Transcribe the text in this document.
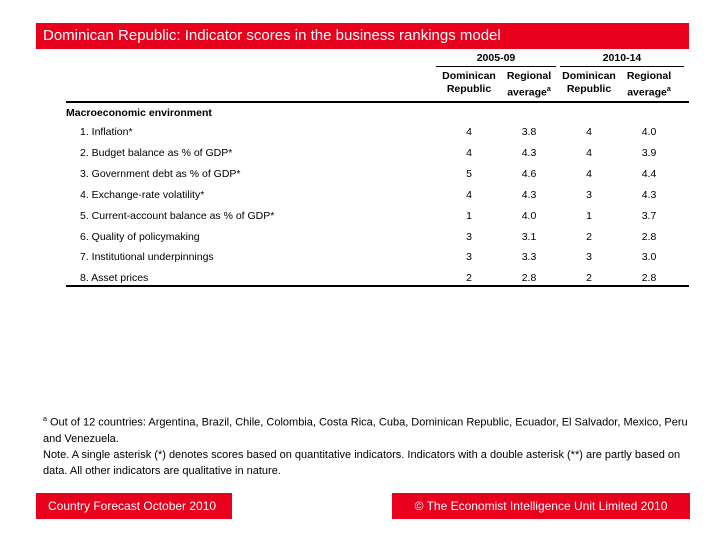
Dominican Republic: Indicator scores in the business rankings model
2005-09	2010-14
Dominican
Republic
Regional
average$^a$
Dominican
Republic
Regional
average$^a$
Macroeconomic environment
1. Inflation*	4	3.8	4	4.0
2. Budget balance as % of GDP*	4	4.3	4	3.9
3. Government debt as % of GDP*	5	4.6	4	4.4
4. Exchange-rate volatility*	4	4.3	3	4.3
5. Current-account balance as % of GDP*	1	4.0	1	3.7
6. Quality of policymaking	3	3.1	2	2.8
7. Institutional underpinnings	3	3.3	3	3.0
8. Asset prices	2	2.8	2	2.8
$^a$ Out of 12 countries: Argentina, Brazil, Chile, Colombia, Costa Rica, Cuba, Dominican Republic, Ecuador, El Salvador, Mexico, Peru and Venezuela.
Note. A single asterisk (*) denotes scores based on quantitative indicators. Indicators with a double asterisk (**) are partly based on data. All other indicators are qualitative in nature.
Country Forecast October 2010	© The Economist Intelligence Unit Limited 2010
